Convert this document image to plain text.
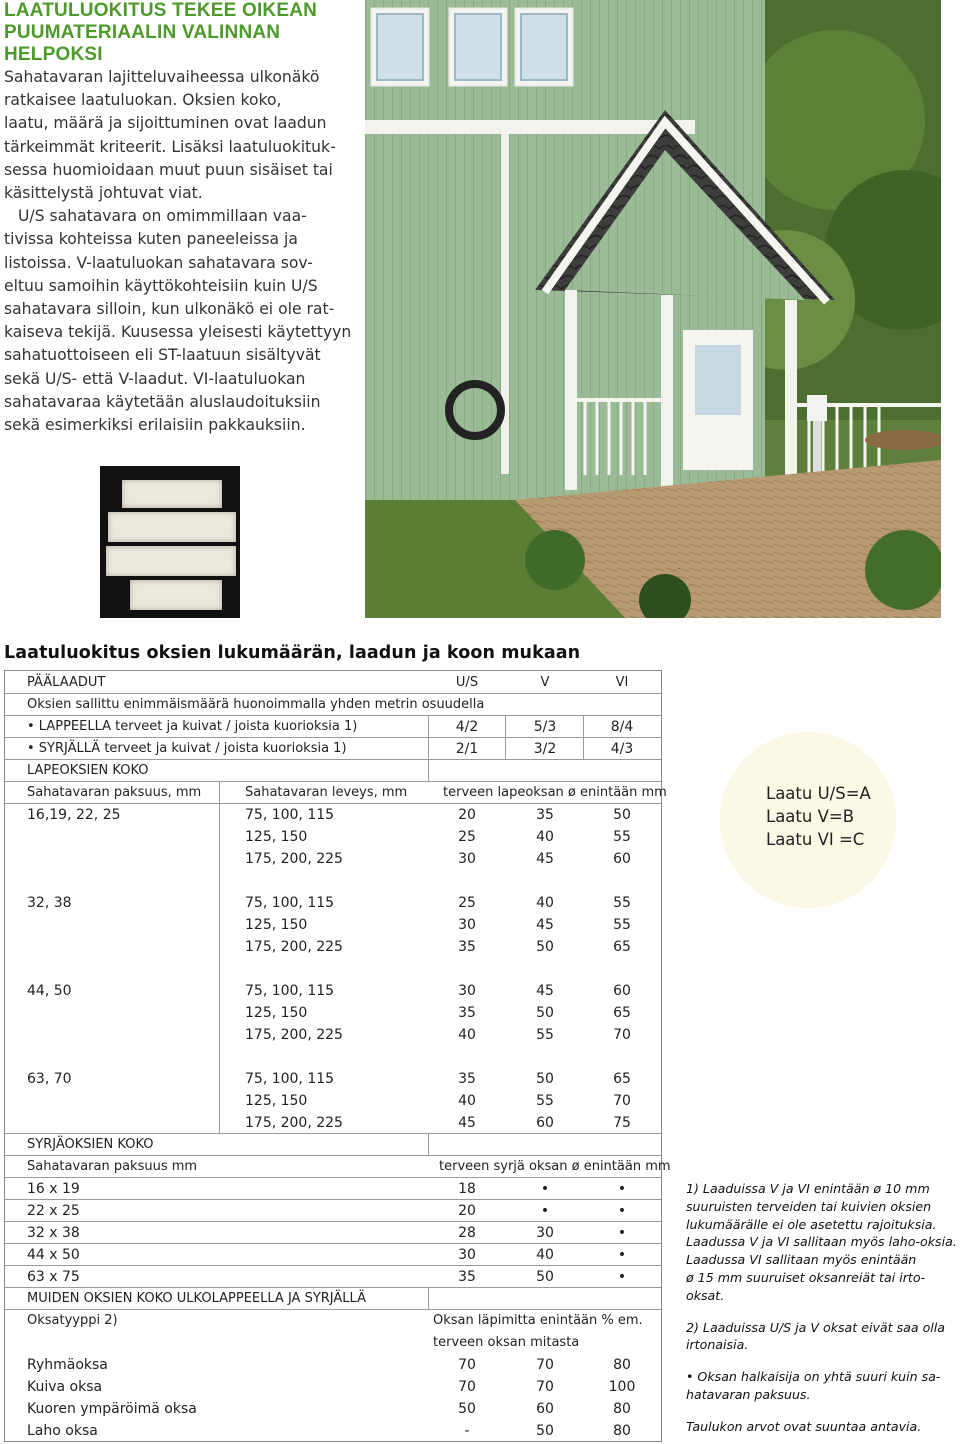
LAATULUOKITUS TEKEE OIKEAN
PUUMATERIAALIN VALINNAN
HELPOKSI

Sahatavaran lajitteluvaiheessa ulkonäkö
ratkaisee laatuluokan. Oksien koko,
laatu, määrä ja sijoittuminen ovat laadun
tärkeimmät kriteerit. Lisäksi laatuluokituk-
sessa huomioidaan muut puun sisäiset tai
käsittelystä johtuvat viat.

U/S sahatavara on omimmillaan vaa-
tivissa kohteissa kuten paneeleissa ja
listoissa. V-laatuluokan sahatavara sov-
eltuu samoihin käyttökohteisiin kuin U/S
sahatavara silloin, kun ulkonäkö ei ole rat-
kaiseva tekijä. Kuusessa yleisesti käytettyyn
sahatuottoiseen eli ST-laatuun sisältyvät
sekä U/S- että V-laadut. VI-laatuluokan
sahatavaraa käytetään aluslaudoituksiin
sekä esimerkiksi erilaisiin pakkauksiin.

Laatuluokitus oksien lukumäärän, laadun ja koon mukaan
PÄÄLAADUT	U/S	V	VI
Oksien sallittu enimmäismäärä huonoimmalla yhden metrin osuudella
• LAPPEELLA terveet ja kuivat / joista kuorioksia 1)	4/2	5/3	8/4
• SYRJÄLLÄ terveet ja kuivat / joista kuorioksia 1)	2/1	3/2	4/3
LAPEOKSIEN KOKO
Sahatavaran paksuus, mm	Sahatavaran leveys, mm	terveen lapeoksan ø enintään mm
16,19, 22, 25	75, 100, 115	20	35	50
125, 150	25	40	55
175, 200, 225	30	45	60
32, 38	75, 100, 115	25	40	55
125, 150	30	45	55
175, 200, 225	35	50	65
44, 50	75, 100, 115	30	45	60
125, 150	35	50	65
175, 200, 225	40	55	70
63, 70	75, 100, 115	35	50	65
125, 150	40	55	70
175, 200, 225	45	60	75
SYRJÄOKSIEN KOKO
Sahatavaran paksuus mm	terveen syrjä oksan ø enintään mm
16 x 19	18	•	•
22 x 25	20	•	•
32 x 38	28	30	•
44 x 50	30	40	•
63 x 75	35	50	•
MUIDEN OKSIEN KOKO ULKOLAPPEELLA JA SYRJÄLLÄ
Oksatyyppi 2)	Oksan läpimitta enintään % em.
terveen oksan mitasta
Ryhmäoksa	70	70	80
Kuiva oksa	70	70	100
Kuoren ympäröimä oksa	50	60	80
Laho oksa	-	50	80
Laatu U/S=A
Laatu V=B
Laatu VI =C

1) Laaduissa V ja VI enintään ø 10 mm
suuruisten terveiden tai kuivien oksien
lukumäärälle ei ole asetettu rajoituksia.
Laadussa V ja VI sallitaan myös laho-oksia.
Laadussa VI sallitaan myös enintään
ø 15 mm suuruiset oksanreiät tai irto-oksat.

2) Laaduissa U/S ja V oksat eivät saa olla
irtonaisia.

• Oksan halkaisija on yhtä suuri kuin sa-
hatavaran paksuus.

Taulukon arvot ovat suuntaa antavia.
